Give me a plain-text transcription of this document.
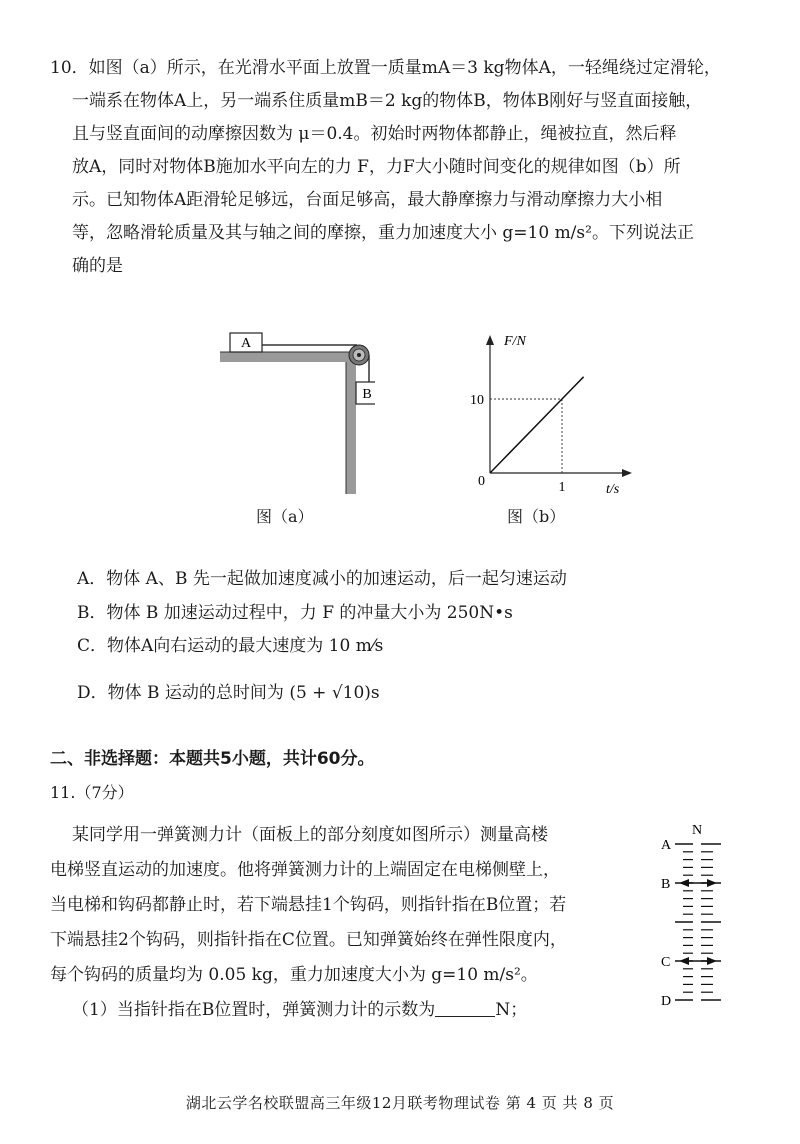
10．如图（a）所示，在光滑水平面上放置一质量mA＝3 kg物体A，一轻绳绕过定滑轮，
一端系在物体A上，另一端系住质量mB＝2 kg的物体B，物体B刚好与竖直面接触，
且与竖直面间的动摩擦因数为 μ＝0.4。初始时两物体都静止，绳被拉直，然后释
放A，同时对物体B施加水平向左的力 F，力F大小随时间变化的规律如图（b）所
示。已知物体A距滑轮足够远，台面足够高，最大静摩擦力与滑动摩擦力大小相
等，忽略滑轮质量及其与轴之间的摩擦，重力加速度大小 g=10 m/s²。下列说法正
确的是
A
B
图（a）
F/N
t/s
0	1
10
图（b）
A．物体 A、B 先一起做加速度减小的加速运动，后一起匀速运动
B．物体 B 加速运动过程中，力 F 的冲量大小为 250N•s
C．物体A向右运动的最大速度为 10 m⁄s
D．物体 B 运动的总时间为 (5 + √10)s
二、非选择题：本题共5小题，共计60分。
11.（7分）
某同学用一弹簧测力计（面板上的部分刻度如图所示）测量高楼
电梯竖直运动的加速度。他将弹簧测力计的上端固定在电梯侧壁上，
当电梯和钩码都静止时，若下端悬挂1个钩码，则指针指在B位置；若
下端悬挂2个钩码，则指针指在C位置。已知弹簧始终在弹性限度内，
每个钩码的质量均为 0.05 kg，重力加速度大小为 g=10 m/s²。
（1）当指针指在B位置时，弹簧测力计的示数为	N；
N
A
B
C
D
湖北云学名校联盟高三年级12月联考物理试卷 第 4 页 共 8 页
